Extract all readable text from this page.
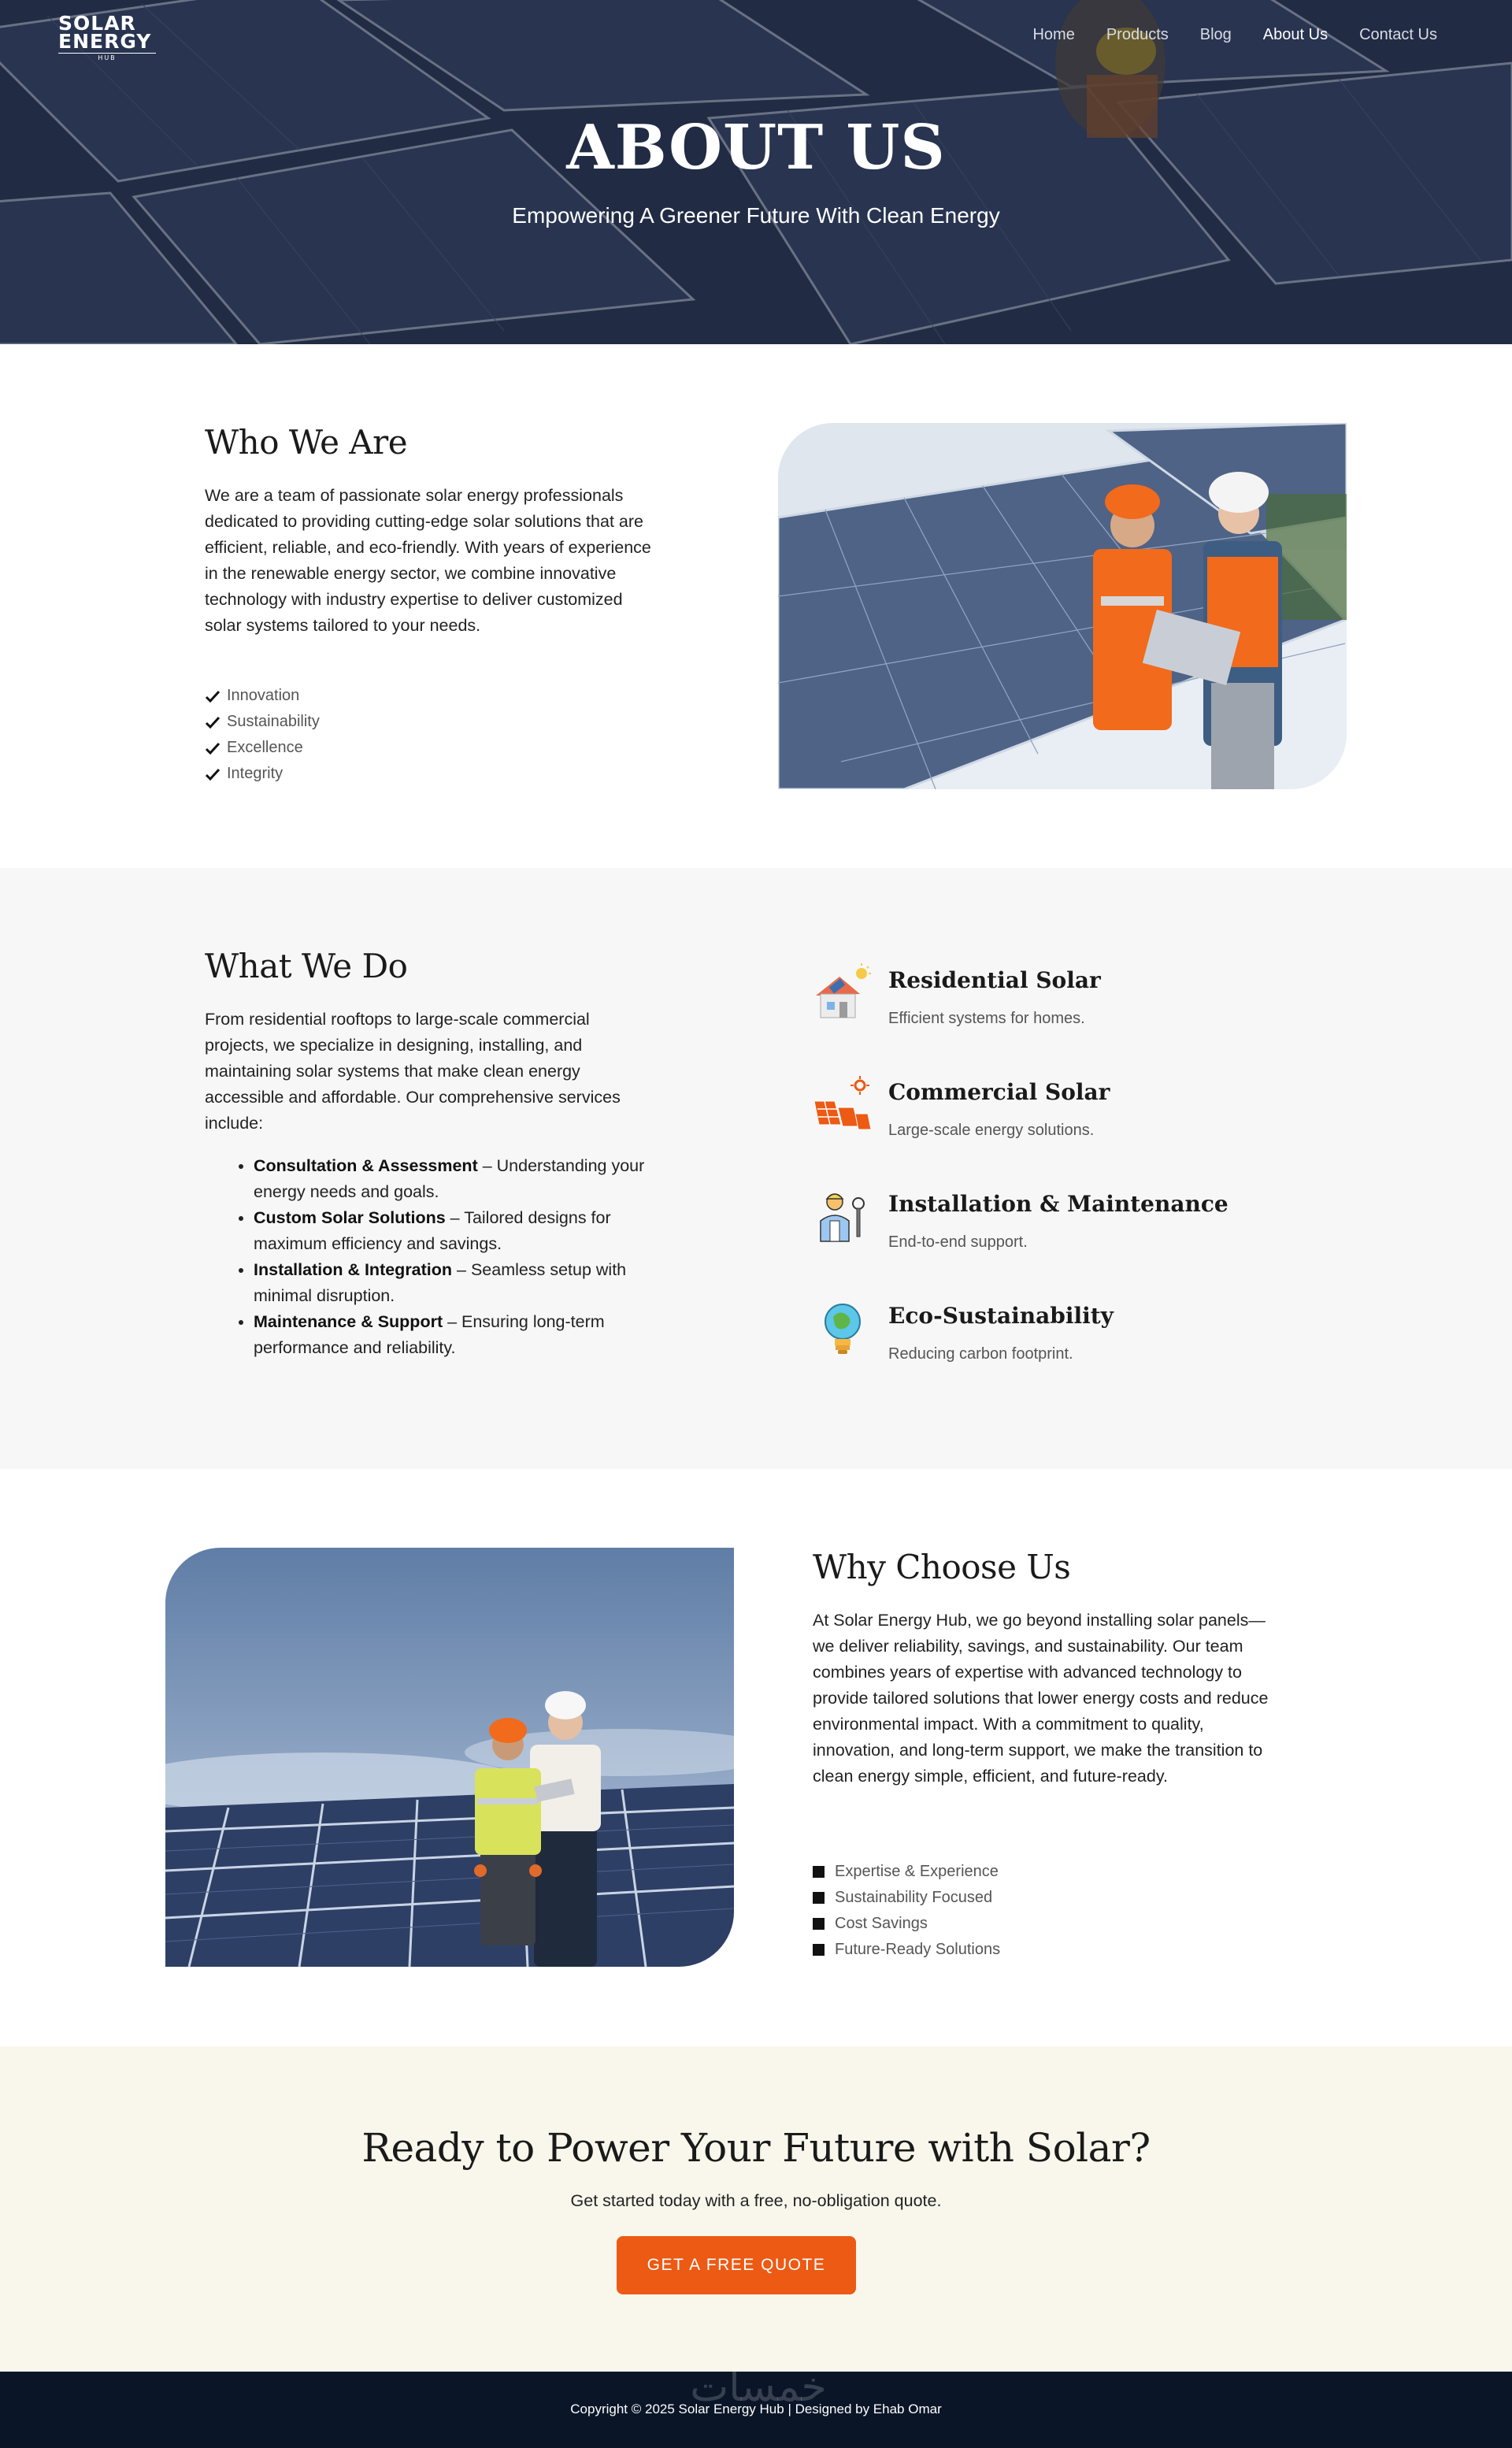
SOLAR
ENERGY
HUB
Home Products Blog About Us Contact Us
ABOUT US
Empowering A Greener Future With Clean Energy
Who We Are

We are a team of passionate solar energy professionals dedicated to providing cutting-edge solar solutions that are efficient, reliable, and eco-friendly. With years of experience in the renewable energy sector, we combine innovative technology with industry expertise to deliver customized solar systems tailored to your needs.

Innovation
Sustainability
Excellence
Integrity
What We Do

From residential rooftops to large-scale commercial projects, we specialize in designing, installing, and maintaining solar systems that make clean energy accessible and affordable. Our comprehensive services include:

• Consultation & Assessment – Understanding your energy needs and goals.
• Custom Solar Solutions – Tailored designs for maximum efficiency and savings.
• Installation & Integration – Seamless setup with minimal disruption.
• Maintenance & Support – Ensuring long-term performance and reliability.
Residential Solar
Efficient systems for homes.
Commercial Solar
Large-scale energy solutions.
Installation & Maintenance
End-to-end support.
Eco-Sustainability
Reducing carbon footprint.
Why Choose Us

At Solar Energy Hub, we go beyond installing solar panels—we deliver reliability, savings, and sustainability. Our team combines years of expertise with advanced technology to provide tailored solutions that lower energy costs and reduce environmental impact. With a commitment to quality, innovation, and long-term support, we make the transition to clean energy simple, efficient, and future-ready.

Expertise & Experience
Sustainability Focused
Cost Savings
Future-Ready Solutions
Ready to Power Your Future with Solar?

Get started today with a free, no-obligation quote.

GET A FREE QUOTE
خمسات
Copyright © 2025 Solar Energy Hub | Designed by Ehab Omar
